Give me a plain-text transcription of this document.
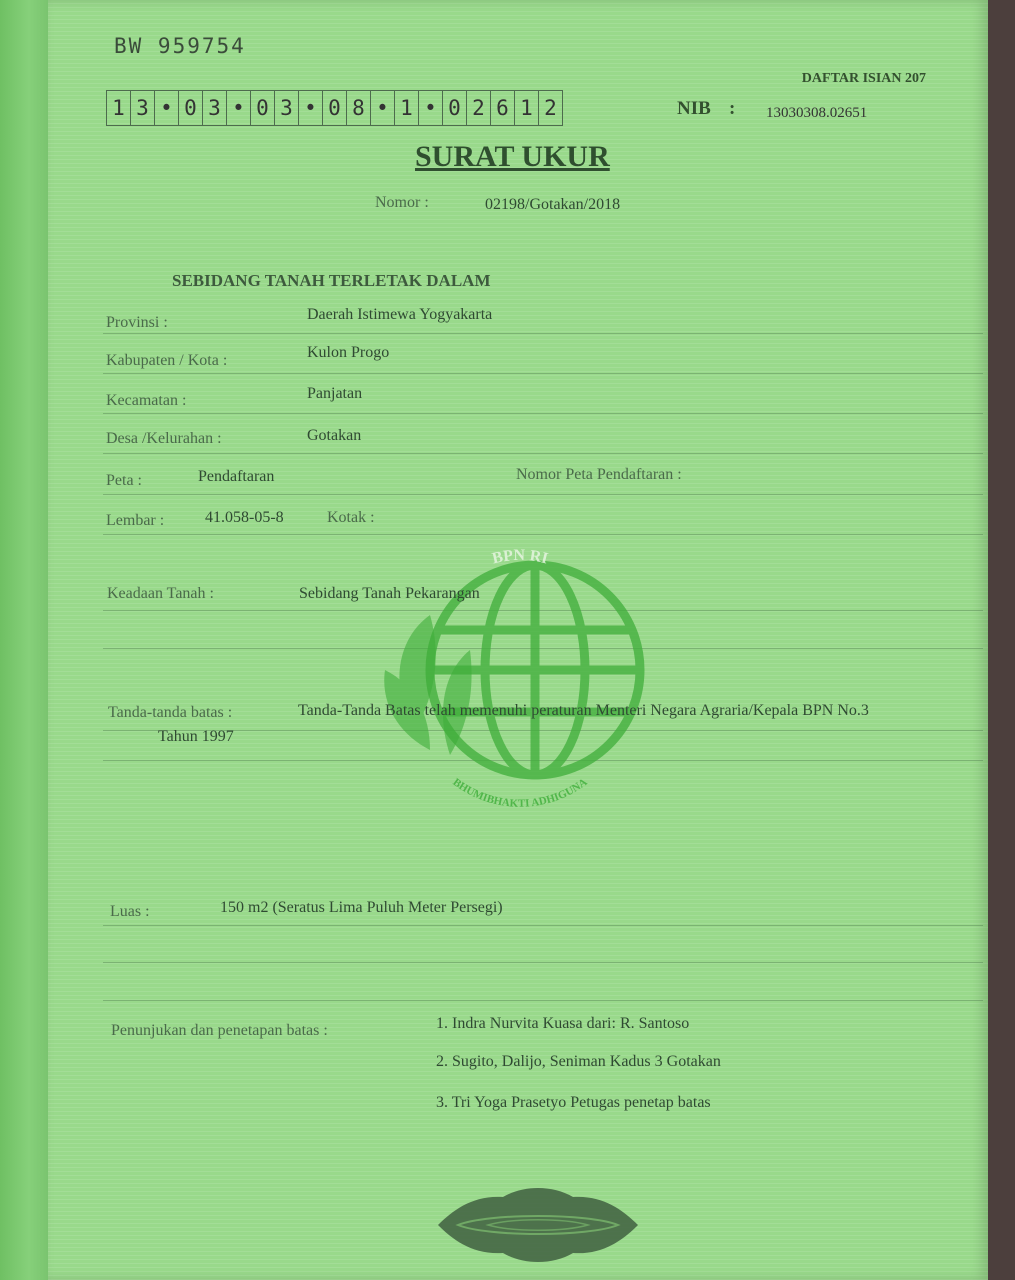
BPN RI
BHUMIBHAKTI ADHIGUNA
BW 959754
DAFTAR ISIAN 207
1 3 • 0 3 • 0 3 • 0 8 • 1 • 0 2 6 1 2	NIB : 13030308.02651
SURAT UKUR
Nomor :	02198/Gotakan/2018
SEBIDANG TANAH TERLETAK DALAM
Provinsi :	Daerah Istimewa Yogyakarta
Kabupaten / Kota :	Kulon Progo
Kecamatan :	Panjatan
Desa /Kelurahan :	Gotakan
Peta :	Pendaftaran	Nomor Peta Pendaftaran :
Lembar :	41.058-05-8	Kotak :
Keadaan Tanah :	Sebidang Tanah Pekarangan
Tanda-tanda batas :	Tanda-Tanda Batas telah memenuhi peraturan Menteri Negara Agraria/Kepala BPN No.3
Tahun 1997
Luas :	150 m2 (Seratus Lima Puluh Meter Persegi)
Penunjukan dan penetapan batas :	1. Indra Nurvita Kuasa dari: R. Santoso
2. Sugito, Dalijo, Seniman Kadus 3 Gotakan
3. Tri Yoga Prasetyo Petugas penetap batas
